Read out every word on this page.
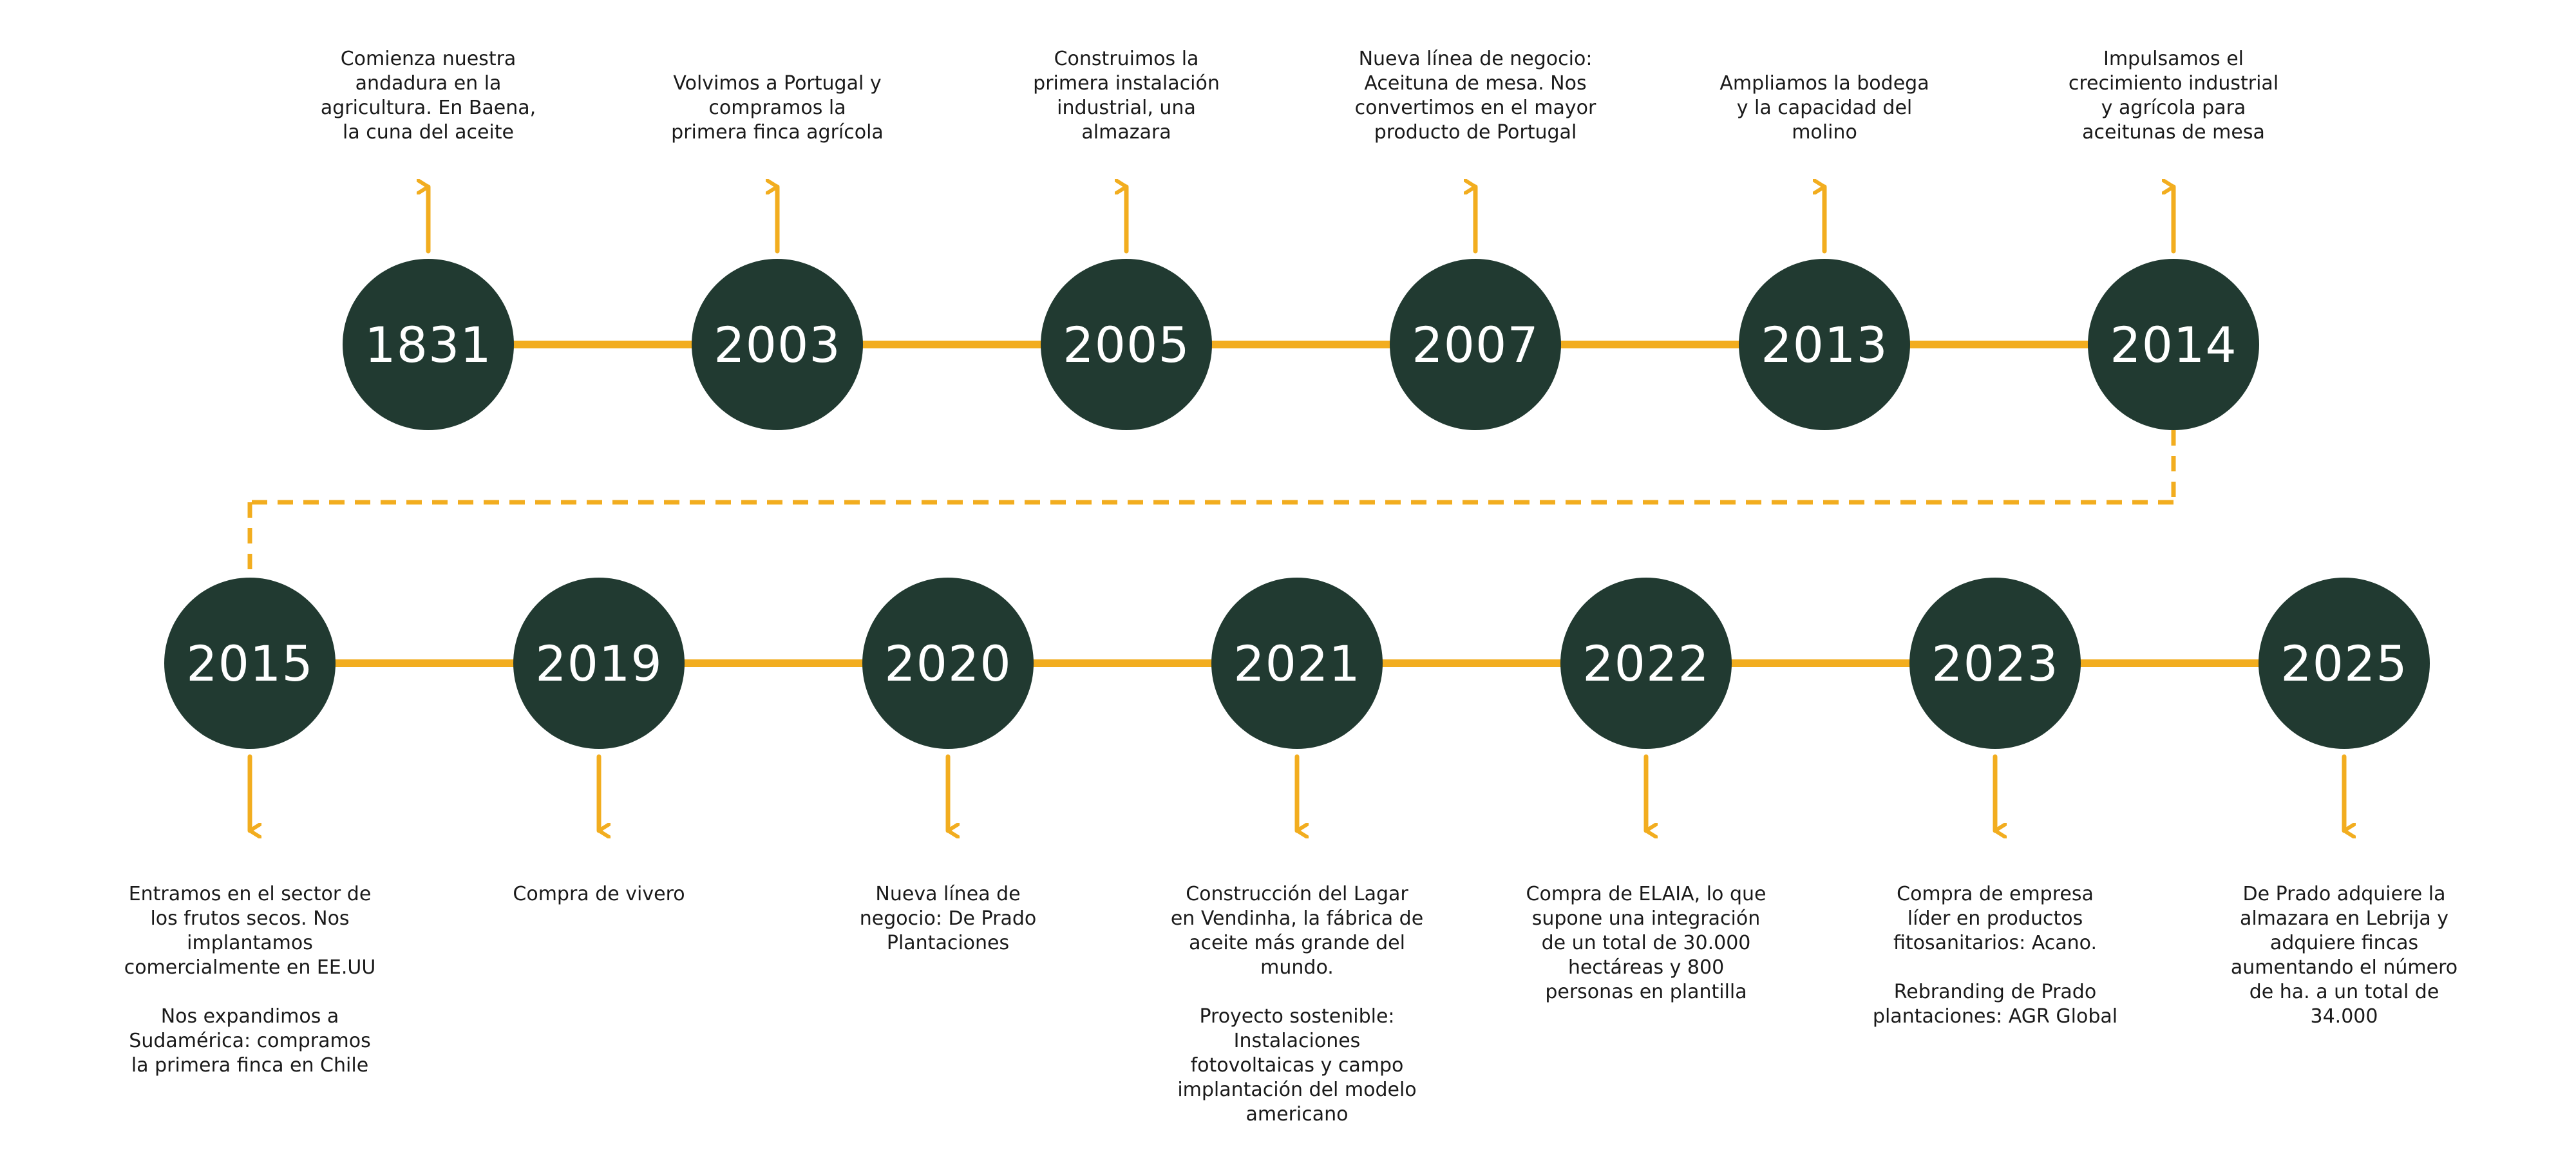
1831
Comienza nuestra
andadura en la
agricultura. En Baena,
la cuna del aceite
2003
Volvimos a Portugal y
compramos la
primera finca agrícola
2005
Construimos la
primera instalación
industrial, una
almazara
2007
Nueva línea de negocio:
Aceituna de mesa. Nos
convertimos en el mayor
producto de Portugal
2013
Ampliamos la bodega
y la capacidad del
molino
2014
Impulsamos el
crecimiento industrial
y agrícola para
aceitunas de mesa
2015
Entramos en el sector de
los frutos secos. Nos
implantamos
comercialmente en EE.UU

Nos expandimos a
Sudamérica: compramos
la primera finca en Chile
2019
Compra de vivero
2020
Nueva línea de
negocio: De Prado
Plantaciones
2021
Construcción del Lagar
en Vendinha, la fábrica de
aceite más grande del
mundo.

Proyecto sostenible:
Instalaciones
fotovoltaicas y campo
implantación del modelo
americano
2022
Compra de ELAIA, lo que
supone una integración
de un total de 30.000
hectáreas y 800
personas en plantilla
2023
Compra de empresa
líder en productos
fitosanitarios: Acano.

Rebranding de Prado
plantaciones: AGR Global
2025
De Prado adquiere la
almazara en Lebrija y
adquiere fincas
aumentando el número
de ha. a un total de
34.000
